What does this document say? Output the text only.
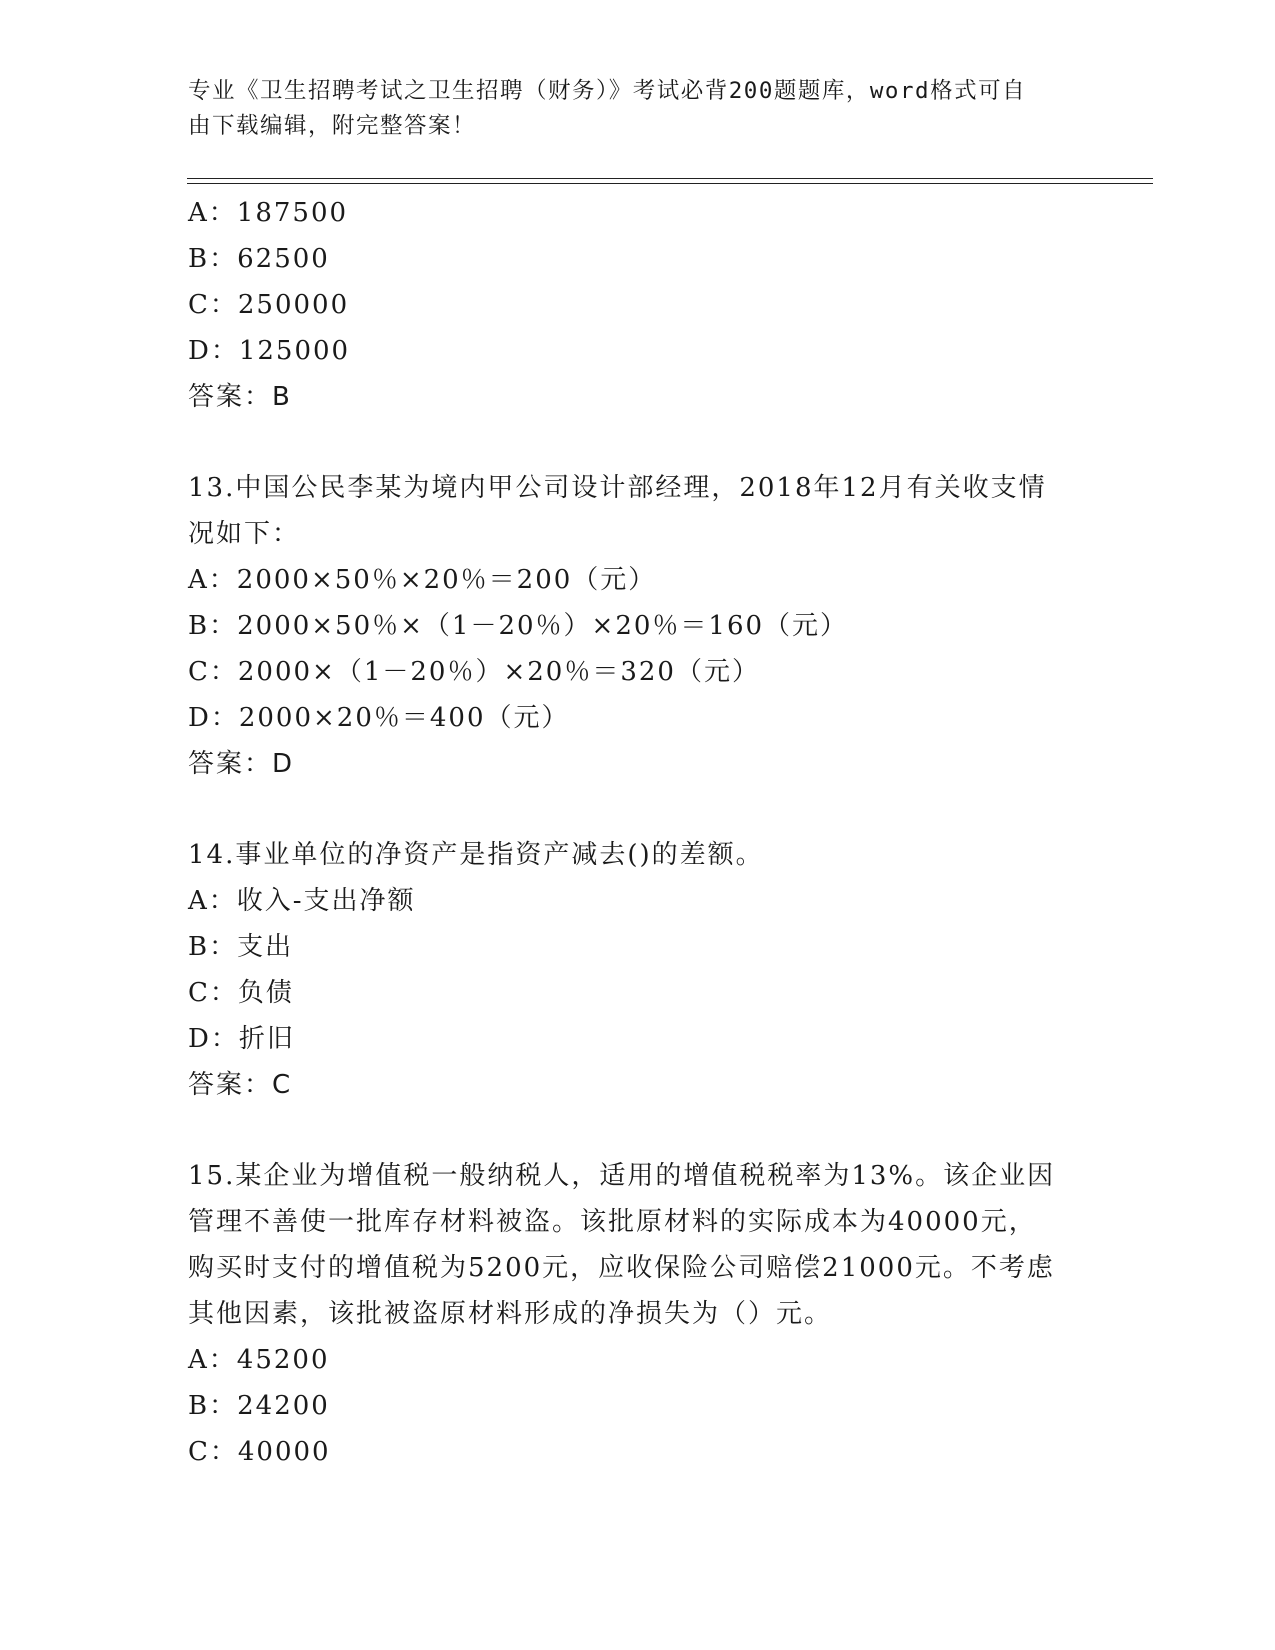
专业《卫生招聘考试之卫生招聘（财务）》考试必背200题题库，word格式可自
由下载编辑，附完整答案！
A：187500
B：62500
C：250000
D：125000
答案：B
13.中国公民李某为境内甲公司设计部经理，2018年12月有关收支情
况如下：
A：2000×50％×20％＝200（元）
B：2000×50％×（1－20％）×20％＝160（元）
C：2000×（1－20％）×20％＝320（元）
D：2000×20％＝400（元）
答案：D
14.事业单位的净资产是指资产减去()的差额。
A：收入-支出净额
B：支出
C：负债
D：折旧
答案：C
15.某企业为增值税一般纳税人，适用的增值税税率为13%。该企业因
管理不善使一批库存材料被盗。该批原材料的实际成本为40000元，
购买时支付的增值税为5200元，应收保险公司赔偿21000元。不考虑
其他因素，该批被盗原材料形成的净损失为（）元。
A：45200
B：24200
C：40000
